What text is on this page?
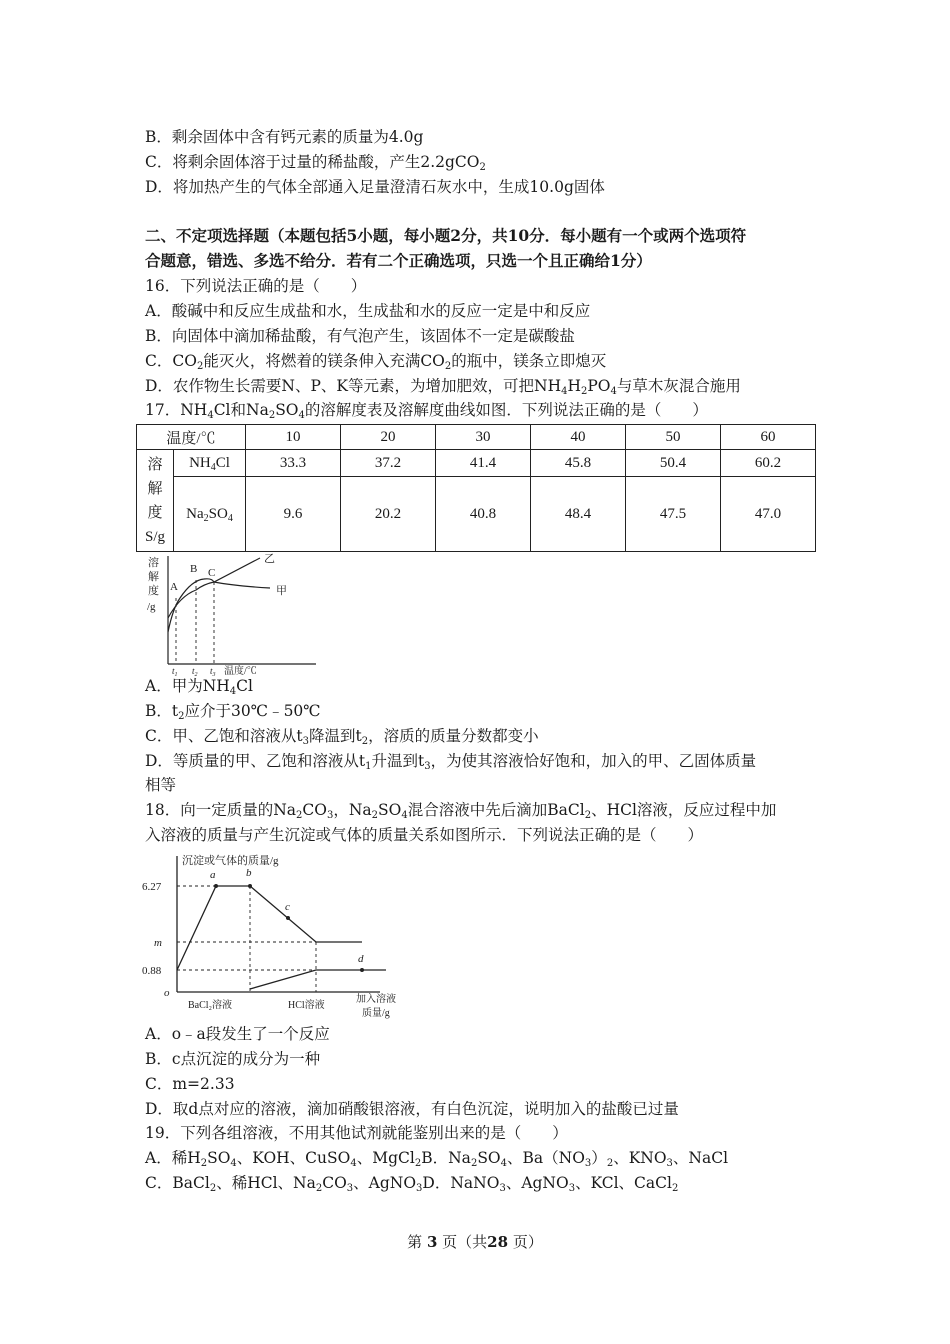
B．剩余固体中含有钙元素的质量为4.0g
C．将剩余固体溶于过量的稀盐酸，产生2.2gCO$_2$
D．将加热产生的气体全部通入足量澄清石灰水中，生成10.0g固体
二、不定项选择题（本题包括5小题，每小题2分，共10分．每小题有一个或两个选项符
合题意，错选、多选不给分．若有二个正确选项，只选一个且正确给1分）
16．下列说法正确的是（　　）
A．酸碱中和反应生成盐和水，生成盐和水的反应一定是中和反应
B．向固体中滴加稀盐酸，有气泡产生，该固体不一定是碳酸盐
C．$CO_2$能灭火，将燃着的镁条伸入充满$CO_2$的瓶中，镁条立即熄灭
D．农作物生长需要N、P、K等元素，为增加肥效，可把$NH_4H_2PO_4$与草木灰混合施用
17．$NH_4Cl$和$Na_2SO_4$的溶解度表及溶解度曲线如图．下列说法正确的是（　　）
温度/℃		10	20	30	40	50	60

溶
解
度
S/g	$NH_4Cl$	33.3	37.2	41.4	45.8	50.4	60.2
	$Na_2SO_4$	9.6	20.2	40.8	48.4	47.5	47.0
溶
解
度
/g
A
B C
乙
甲
温度/℃
$t_1$ $t_2$ $t_3$
A．甲为$NH_4Cl$
B．$t_2$应介于30℃﹣50℃
C．甲、乙饱和溶液从$t_3$降温到$t_2$，溶质的质量分数都变小
D．等质量的甲、乙饱和溶液从$t_1$升温到$t_3$，为使其溶液恰好饱和，加入的甲、乙固体质量
相等
18．向一定质量的$Na_2CO_3$，$Na_2SO_4$混合溶液中先后滴加BaCl$_2$、HCl溶液，反应过程中加
入溶液的质量与产生沉淀或气体的质量关系如图所示．下列说法正确的是（　　）
沉淀或气体的质量/g
6.27
m
0.88
o
a	b
c
d
BaCl₂溶液	HCl溶液
加入溶液
质量/g
A．o﹣a段发生了一个反应
B．c点沉淀的成分为一种
C．m=2.33
D．取d点对应的溶液，滴加硝酸银溶液，有白色沉淀，说明加入的盐酸已过量
19．下列各组溶液，不用其他试剂就能鉴别出来的是（　　）
A．稀$H_2SO_4$、KOH、CuSO$_4$、MgCl$_2$B．$Na_2SO_4$、$Ba(NO_3)_2$、$KNO_3$、NaCl
C．BaCl$_2$、稀HCl、$Na_2CO_3$、AgNO$_3$D．NaNO$_3$、AgNO$_3$、KCl、CaCl$_2$
第 3 页（共28 页）
